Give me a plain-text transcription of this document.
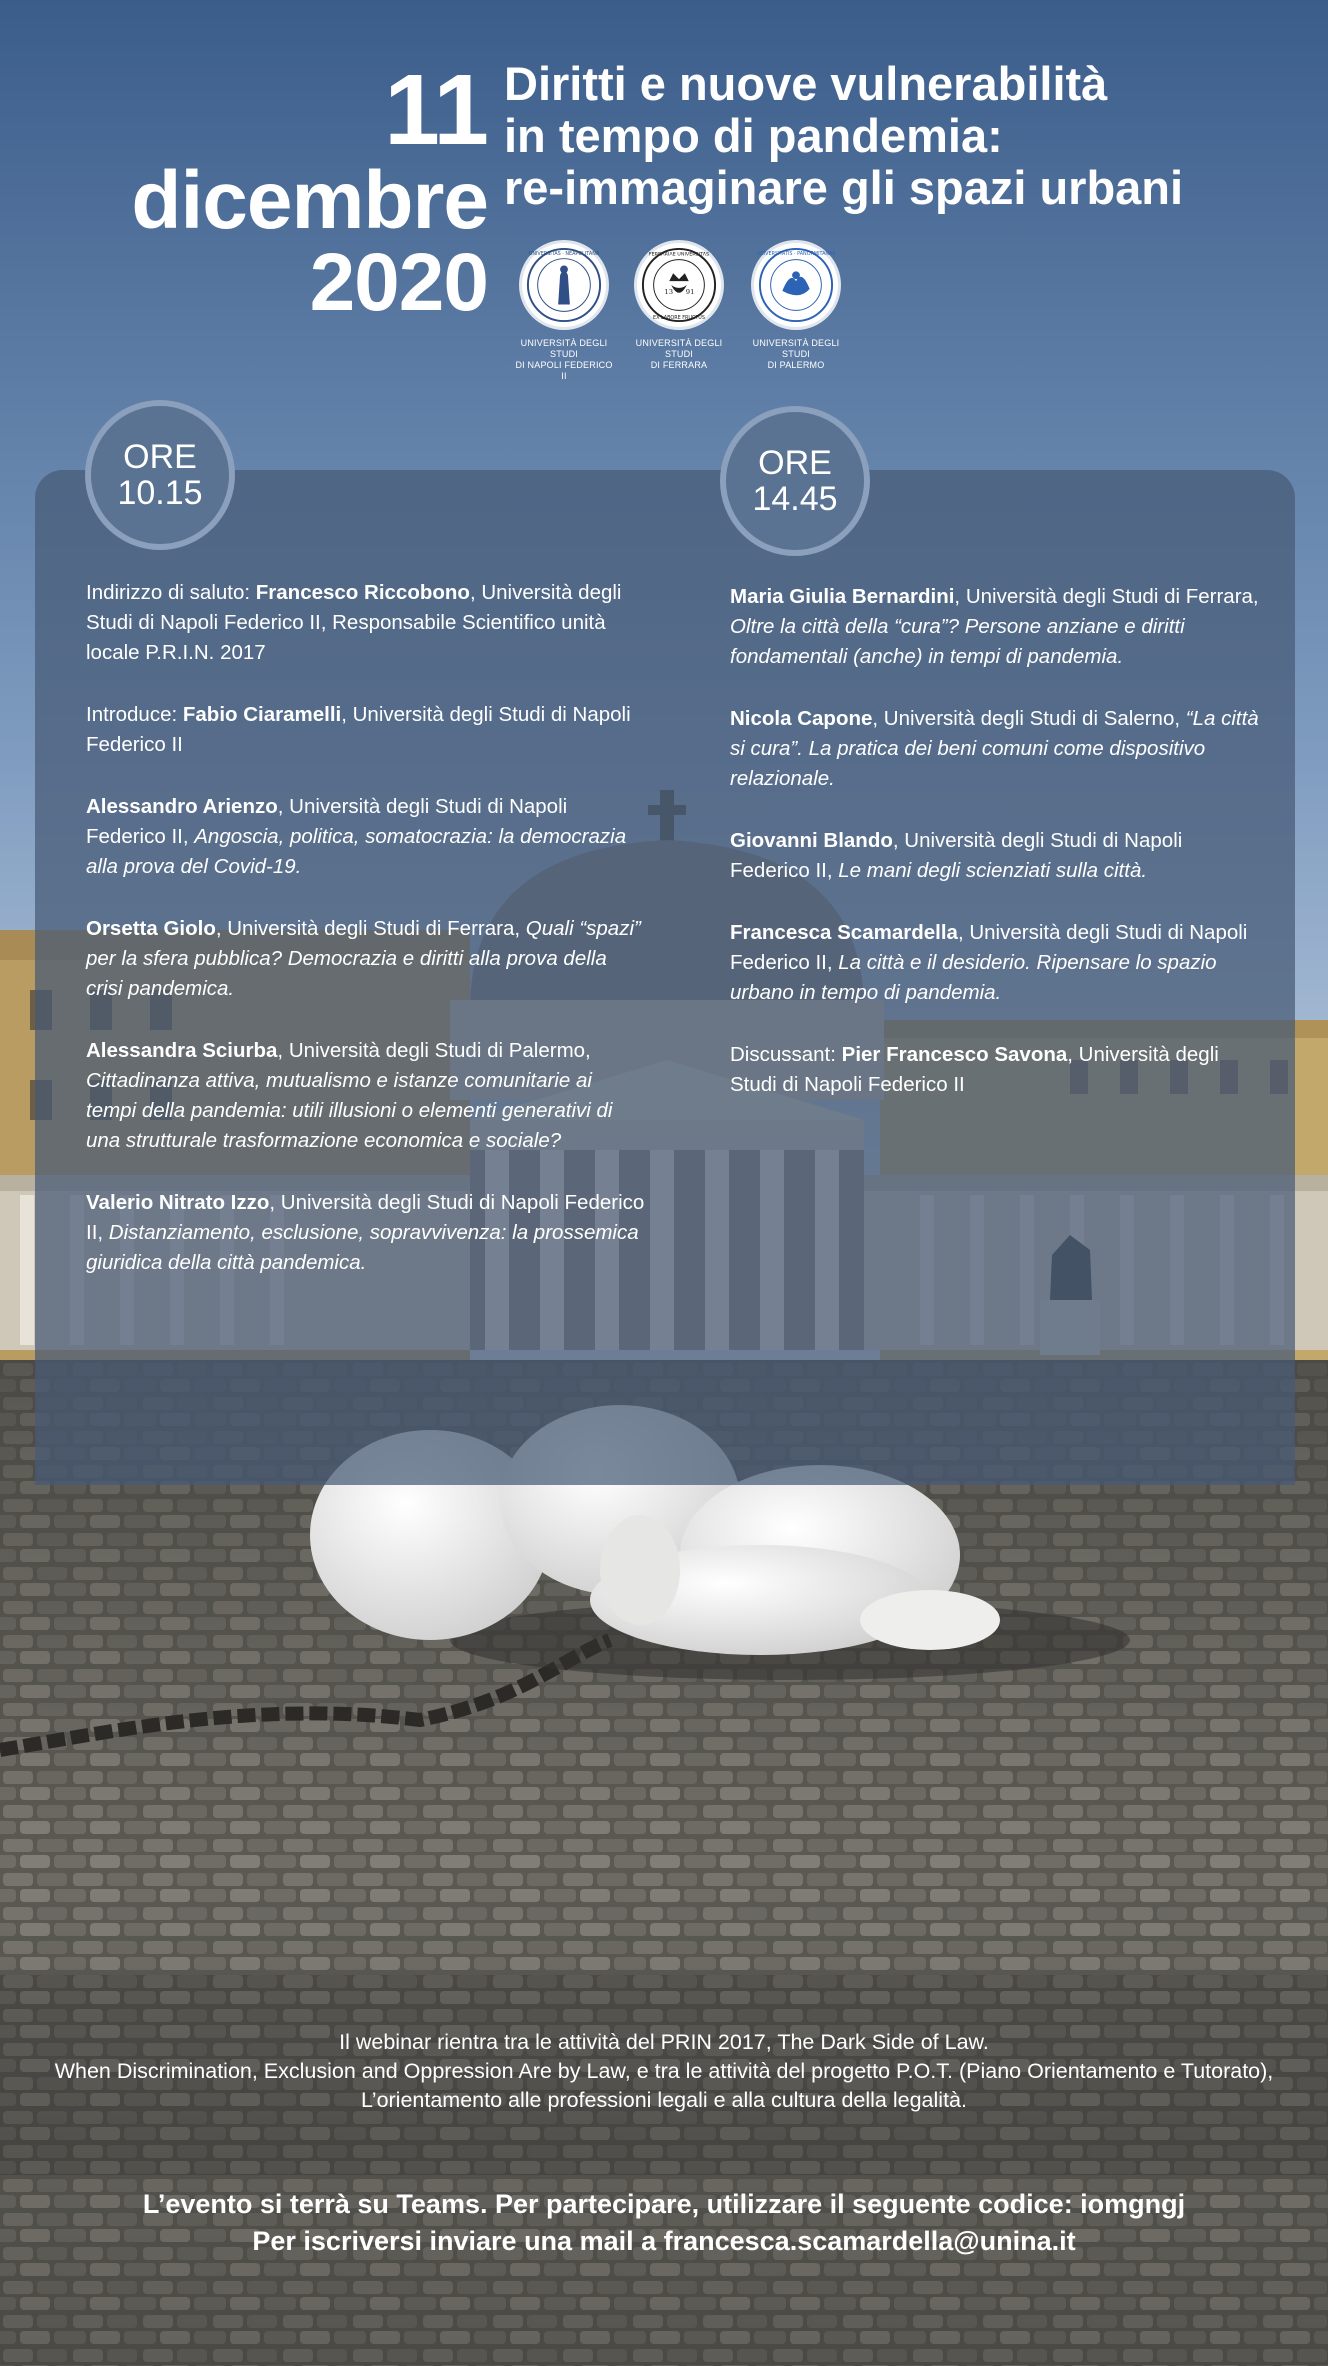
11
dicembre
2020
Diritti e nuove vulnerabilità
in tempo di pandemia:
re-immaginare gli spazi urbani
UNIVERSITAS · NEAPOLITANA
UNIVERSITÀ DEGLI STUDI
DI NAPOLI FEDERICO II
13 91
FERRARIAE UNIVERSITAS
EX LABORE FRUCTUS
UNIVERSITÀ DEGLI STUDI
DI FERRARA
UNIVERSITATIS · PANORMITANAE
UNIVERSITÀ DEGLI STUDI
DI PALERMO
ORE
10.15
ORE
14.45

Indirizzo di saluto: Francesco Riccobono, Università degli Studi di Napoli Federico II, Responsabile Scientifico unità locale P.R.I.N. 2017

Introduce: Fabio Ciaramelli, Università degli Studi di Napoli Federico II

Alessandro Arienzo, Università degli Studi di Napoli Federico II, Angoscia, politica, somatocrazia: la democrazia alla prova del Covid-19.

Orsetta Giolo, Università degli Studi di Ferrara, Quali “spazi” per la sfera pubblica? Democrazia e diritti alla prova della crisi pandemica.

Alessandra Sciurba, Università degli Studi di Palermo, Cittadinanza attiva, mutualismo e istanze comunitarie ai tempi della pandemia: utili illusioni o elementi generativi di una strutturale trasformazione economica e sociale?

Valerio Nitrato Izzo, Università degli Studi di Napoli Federico II, Distanziamento, esclusione, sopravvivenza: la prossemica giuridica della città pandemica.

Maria Giulia Bernardini, Università degli Studi di Ferrara, Oltre la città della “cura”? Persone anziane e diritti fondamentali (anche) in tempi di pandemia.

Nicola Capone, Università degli Studi di Salerno, “La città si cura”. La pratica dei beni comuni come dispositivo relazionale.

Giovanni Blando, Università degli Studi di Napoli Federico II, Le mani degli scienziati sulla città.

Francesca Scamardella, Università degli Studi di Napoli Federico II, La città e il desiderio. Ripensare lo spazio urbano in tempo di pandemia.

Discussant: Pier Francesco Savona, Università degli Studi di Napoli Federico II

Il webinar rientra tra le attività del PRIN 2017, The Dark Side of Law.
When Discrimination, Exclusion and Oppression Are by Law, e tra le attività del progetto P.O.T. (Piano Orientamento e Tutorato),
L’orientamento alle professioni legali e alla cultura della legalità.
L’evento si terrà su Teams. Per partecipare, utilizzare il seguente codice: iomgngj
Per iscriversi inviare una mail a francesca.scamardella@unina.it
